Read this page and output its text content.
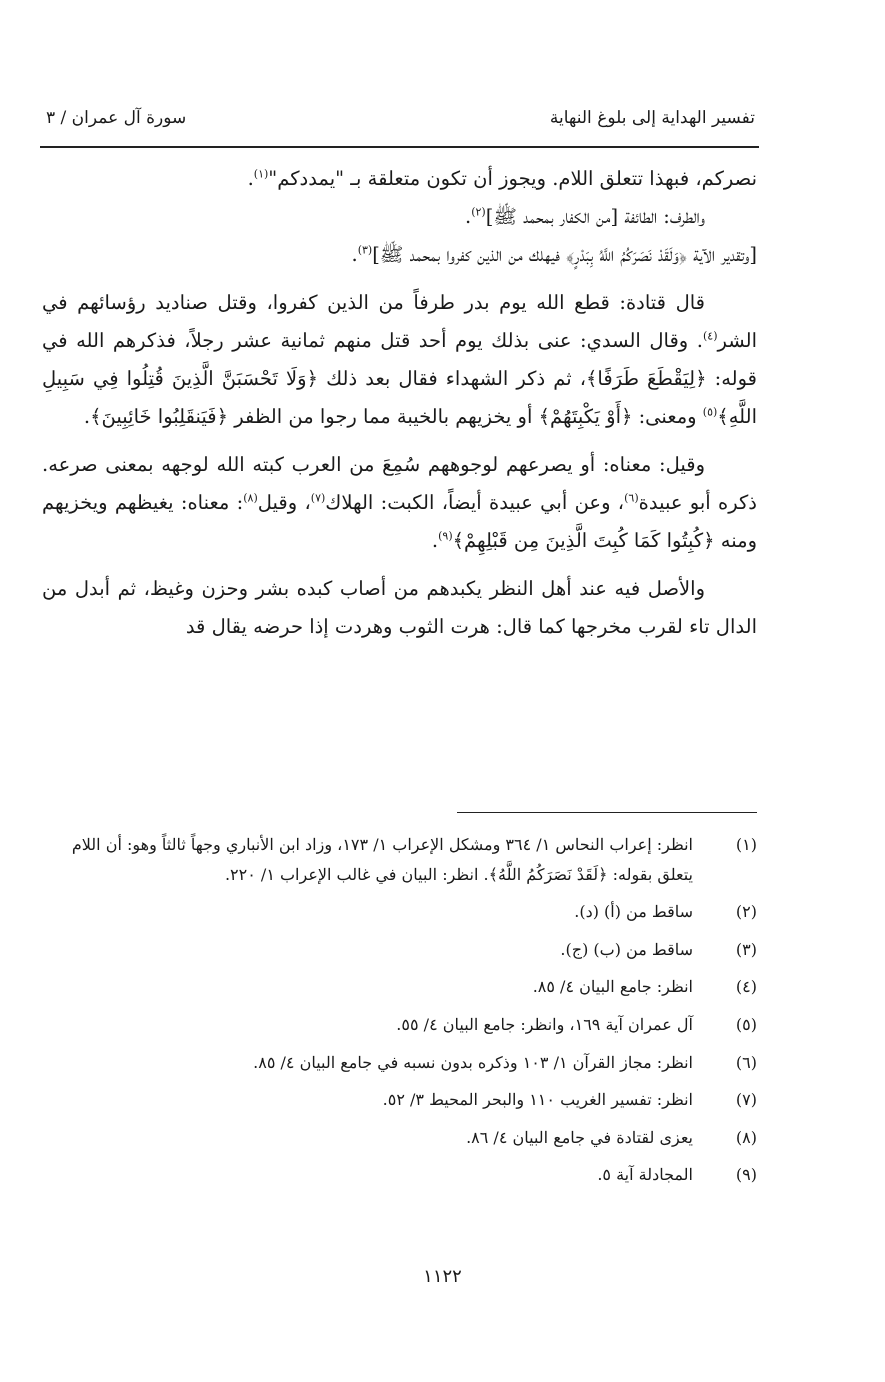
تفسير الهداية إلى بلوغ النهاية
سورة آل عمران / ٣

نصركم، فبهذا تتعلق اللام. ويجوز أن تكون متعلقة بـ "يمددكم"$^{(١)}$.

والطرف: الطائفة [من الكفار بمحمد ﷺ]$^{(٢)}$.

[وتقدير الآية ﴿وَلَقَدْ نَصَرَكُمُ اللَّهُ بِبَدْرٍ﴾ فيهلك من الذين كفروا بمحمد ﷺ]$^{(٣)}$.

قال قتادة: قطع الله يوم بدر طرفاً من الذين كفروا، وقتل صناديد رؤسائهم في الشر$^{(٤)}$. وقال السدي: عنى بذلك يوم أحد قتل منهم ثمانية عشر رجلاً، فذكرهم الله في قوله: ﴿لِيَقْطَعَ طَرَفًا﴾، ثم ذكر الشهداء فقال بعد ذلك ﴿وَلَا تَحْسَبَنَّ الَّذِينَ قُتِلُوا فِي سَبِيلِ اللَّهِ﴾$^{(٥)}$ ومعنى: ﴿أَوْ يَكْبِتَهُمْ﴾ أو يخزيهم بالخيبة مما رجوا من الظفر ﴿فَيَنقَلِبُوا خَائِبِينَ﴾.

وقيل: معناه: أو يصرعهم لوجوههم سُمِعَ من العرب كبته الله لوجهه بمعنى صرعه. ذكره أبو عبيدة$^{(٦)}$، وعن أبي عبيدة أيضاً، الكبت: الهلاك$^{(٧)}$، وقيل$^{(٨)}$: معناه: يغيظهم ويخزيهم ومنه ﴿كُبِتُوا كَمَا كُبِتَ الَّذِينَ مِن قَبْلِهِمْ﴾$^{(٩)}$.

والأصل فيه عند أهل النظر يكبدهم من أصاب كبده بشر وحزن وغيظ، ثم أبدل من الدال تاء لقرب مخرجها كما قال: هرت الثوب وهردت إذا حرضه يقال قد

(١)
انظر: إعراب النحاس ١/ ٣٦٤ ومشكل الإعراب ١/ ١٧٣، وزاد ابن الأنباري وجهاً ثالثاً وهو: أن اللام يتعلق بقوله: ﴿لَقَدْ نَصَرَكُمُ اللَّهُ﴾. انظر: البيان في غالب الإعراب ١/ ٢٢٠.
(٢)
ساقط من (أ) (د).
(٣)
ساقط من (ب) (ج).
(٤)
انظر: جامع البيان ٤/ ٨٥.
(٥)
آل عمران آية ١٦٩، وانظر: جامع البيان ٤/ ٥٥.
(٦)
انظر: مجاز القرآن ١/ ١٠٣ وذكره بدون نسبه في جامع البيان ٤/ ٨٥.
(٧)
انظر: تفسير الغريب ١١٠ والبحر المحيط ٣/ ٥٢.
(٨)
يعزى لقتادة في جامع البيان ٤/ ٨٦.
(٩)
المجادلة آية ٥.
١١٢٢
